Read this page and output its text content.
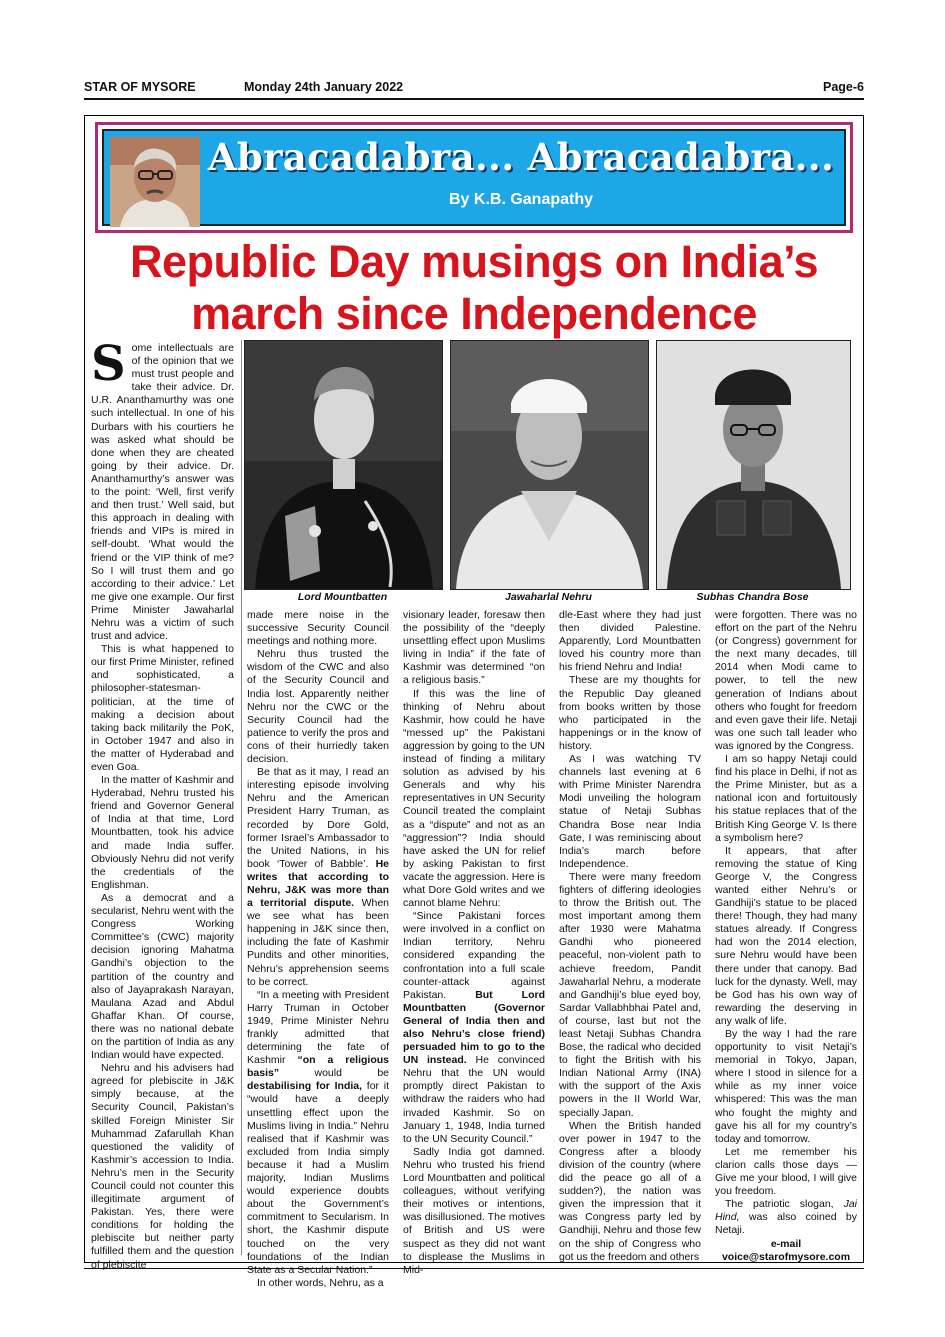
STAR OF MYSORE	Monday 24th January 2022	Page-6
Abracadabra... Abracadabra...
By K.B. Ganapathy
Republic Day musings on India’s
march since Independence
Lord Mountbatten	Jawaharlal Nehru	Subhas Chandra Bose

Some intellectuals are of the opinion that we must trust people and take their advice. Dr. U.R. Ananthamurthy was one such intellectual. In one of his Durbars with his courtiers he was asked what should be done when they are cheated going by their advice. Dr. Ananthamurthy’s answer was to the point: ‘Well, first verify and then trust.’ Well said, but this approach in dealing with friends and VIPs is mired in self-doubt. ‘What would the friend or the VIP think of me? So I will trust them and go according to their advice.’ Let me give one example. Our first Prime Minister Jawaharlal Nehru was a victim of such trust and advice.

This is what happened to our first Prime Minister, refined and sophisticated, a philosopher-statesman-politician, at the time of making a decision about taking back militarily the PoK, in October 1947 and also in the matter of Hyderabad and even Goa.

In the matter of Kashmir and Hyderabad, Nehru trusted his friend and Governor General of India at that time, Lord Mountbatten, took his advice and made India suffer. Obviously Nehru did not verify the credentials of the Englishman.

As a democrat and a secularist, Nehru went with the Congress Working Committee’s (CWC) majority decision ignoring Mahatma Gandhi’s objection to the partition of the country and also of Jayaprakash Narayan, Maulana Azad and Abdul Ghaffar Khan. Of course, there was no national debate on the partition of India as any Indian would have expected.

Nehru and his advisers had agreed for plebiscite in J&K simply because, at the Security Council, Pakistan’s skilled Foreign Minister Sir Muhammad Zafarullah Khan questioned the validity of Kashmir’s accession to India. Nehru’s men in the Security Council could not counter this illegitimate argument of Pakistan. Yes, there were conditions for holding the plebiscite but neither party fulfilled them and the question of plebiscite

made mere noise in the successive Security Council meetings and nothing more.

Nehru thus trusted the wisdom of the CWC and also of the Security Council and India lost. Apparently neither Nehru nor the CWC or the Security Council had the patience to verify the pros and cons of their hurriedly taken decision.

Be that as it may, I read an interesting episode involving Nehru and the American President Harry Truman, as recorded by Dore Gold, former Israel’s Ambassador to the United Nations, in his book ‘Tower of Babble’. He writes that according to Nehru, J&K was more than a territorial dispute. When we see what has been happening in J&K since then, including the fate of Kashmir Pundits and other minorities, Nehru’s apprehension seems to be correct.

“In a meeting with President Harry Truman in October 1949, Prime Minister Nehru frankly admitted that determining the fate of Kashmir “on a religious basis”	would be destabilising for India, for it “would have a deeply unsettling effect upon the Muslims living in India.” Nehru realised that if Kashmir was excluded from India simply because it had a Muslim majority, Indian Muslims would experience doubts about the Government’s commitment to Secularism. In short, the Kashmir dispute touched on the very foundations of the Indian State as a Secular Nation.”

In other words, Nehru, as a

visionary leader, foresaw then the possibility of the “deeply unsettling effect upon Muslims living in India” if the fate of Kashmir was determined “on a religious basis.”

If this was the line of thinking of Nehru about Kashmir, how could he have “messed up” the Pakistani aggression by going to the UN instead of finding a military solution as advised by his Generals and why his representatives in UN Security Council treated the complaint as a “dispute” and not as an “aggression”? India should have asked the UN for relief by asking Pakistan to first vacate the aggression. Here is what Dore Gold writes and we cannot blame Nehru:

“Since Pakistani forces were involved in a conflict on Indian territory, Nehru considered expanding the confrontation into a full scale counter-attack against Pakistan.	But Lord Mountbatten (Governor General of India then and also Nehru’s close friend) persuaded him to go to the UN instead. He convinced Nehru that the UN would promptly direct Pakistan to withdraw the raiders who had invaded Kashmir. So on January 1, 1948, India turned to the UN Security Council.”

Sadly India got damned. Nehru who trusted his friend Lord Mountbatten and political colleagues, without verifying their motives or intentions, was disillusioned. The motives of British and US were suspect as they did not want to displease the Muslims in Mid-

dle-East where they had just then divided Palestine. Apparently, Lord Mountbatten loved his country more than his friend Nehru and India!

These are my thoughts for the Republic Day gleaned from books written by those who participated in the happenings or in the know of history.

As I was watching TV channels last evening at 6 with Prime Minister Narendra Modi unveiling the hologram statue of Netaji Subhas Chandra Bose near India Gate, I was reminiscing about India’s march before Independence.

There were many freedom fighters of differing ideologies to throw the British out. The most important among them after 1930 were Mahatma Gandhi who pioneered peaceful, non-violent path to achieve freedom, Pandit Jawaharlal Nehru, a moderate and Gandhiji’s blue eyed boy, Sardar Vallabhbhai Patel and, of course, last but not the least Netaji Subhas Chandra Bose, the radical who decided to fight the British with his Indian National Army (INA) with the support of the Axis powers in the II World War, specially Japan.

When the British handed over power in 1947 to the Congress after a bloody division of the country (where did the peace go all of a sudden?), the nation was given the impression that it was Congress party led by Gandhiji, Nehru and those few on the ship of Congress who got us the freedom and others

were forgotten. There was no effort on the part of the Nehru (or Congress) government for the next many decades, till 2014 when Modi came to power, to tell the new generation of Indians about others who fought for freedom and even gave their life. Netaji was one such tall leader who was ignored by the Congress.

I am so happy Netaji could find his place in Delhi, if not as the Prime Minister, but as a national icon and fortuitously his statue replaces that of the British King George V. Is there a symbolism here?

It appears, that after removing the statue of King George V, the Congress wanted either Nehru’s or Gandhiji’s statue to be placed there! Though, they had many statues already. If Congress had won the 2014 election, sure Nehru would have been there under that canopy. Bad luck for the dynasty. Well, may be God has his own way of rewarding the deserving in any walk of life.

By the way I had the rare opportunity to visit Netaji’s memorial in Tokyo, Japan, where I stood in silence for a while as my inner voice whispered: This was the man who fought the mighty and gave his all for my country’s today and tomorrow.

Let me remember his clarion calls those days — Give me your blood, I will give you freedom.

The patriotic slogan, Jai Hind, was also coined by Netaji.

e-mail

voice@starofmysore.com
